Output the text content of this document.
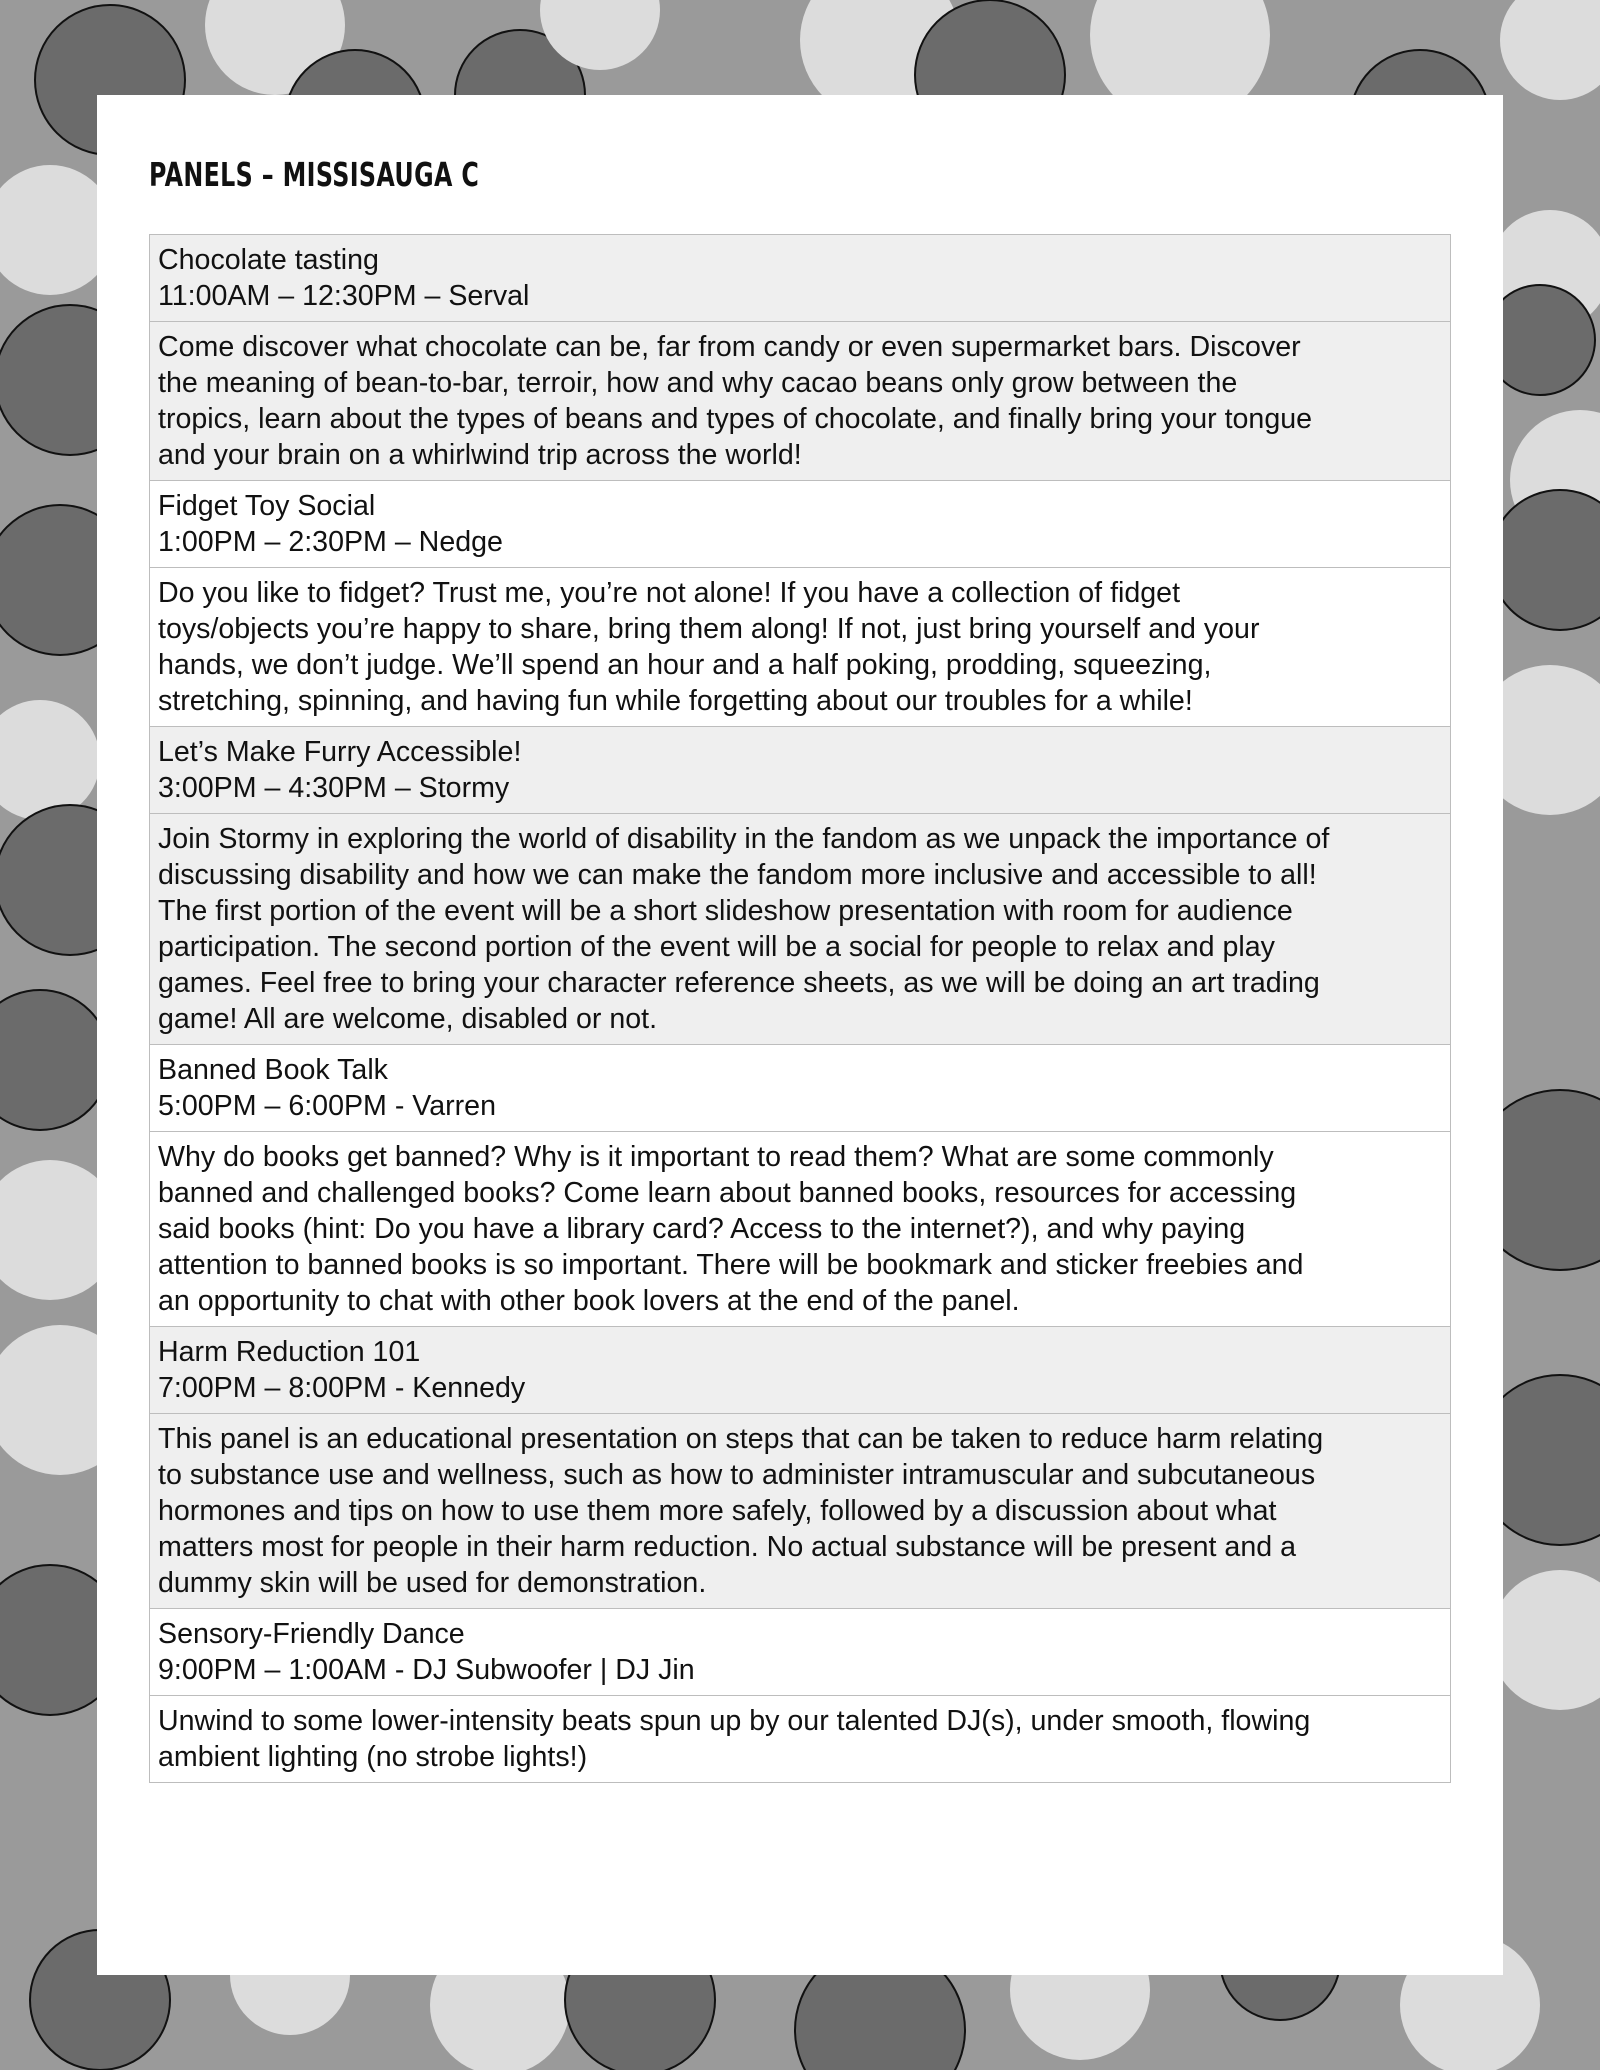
PANELS – MISSISAUGA C
Chocolate tasting
11:00AM – 12:30PM – Serval
Come discover what chocolate can be, far from candy or even supermarket bars. Discover
the meaning of bean-to-bar, terroir, how and why cacao beans only grow between the
tropics, learn about the types of beans and types of chocolate, and finally bring your tongue
and your brain on a whirlwind trip across the world!
Fidget Toy Social
1:00PM – 2:30PM – Nedge
Do you like to fidget? Trust me, you’re not alone! If you have a collection of fidget
toys/objects you’re happy to share, bring them along! If not, just bring yourself and your
hands, we don’t judge. We’ll spend an hour and a half poking, prodding, squeezing,
stretching, spinning, and having fun while forgetting about our troubles for a while!
Let’s Make Furry Accessible!
3:00PM – 4:30PM – Stormy
Join Stormy in exploring the world of disability in the fandom as we unpack the importance of
discussing disability and how we can make the fandom more inclusive and accessible to all!
The first portion of the event will be a short slideshow presentation with room for audience
participation. The second portion of the event will be a social for people to relax and play
games. Feel free to bring your character reference sheets, as we will be doing an art trading
game! All are welcome, disabled or not.
Banned Book Talk
5:00PM – 6:00PM - Varren
Why do books get banned? Why is it important to read them? What are some commonly
banned and challenged books? Come learn about banned books, resources for accessing
said books (hint: Do you have a library card? Access to the internet?), and why paying
attention to banned books is so important. There will be bookmark and sticker freebies and
an opportunity to chat with other book lovers at the end of the panel.
Harm Reduction 101
7:00PM – 8:00PM - Kennedy
This panel is an educational presentation on steps that can be taken to reduce harm relating
to substance use and wellness, such as how to administer intramuscular and subcutaneous
hormones and tips on how to use them more safely, followed by a discussion about what
matters most for people in their harm reduction. No actual substance will be present and a
dummy skin will be used for demonstration.
Sensory-Friendly Dance
9:00PM – 1:00AM - DJ Subwoofer | DJ Jin
Unwind to some lower-intensity beats spun up by our talented DJ(s), under smooth, flowing
ambient lighting (no strobe lights!)
